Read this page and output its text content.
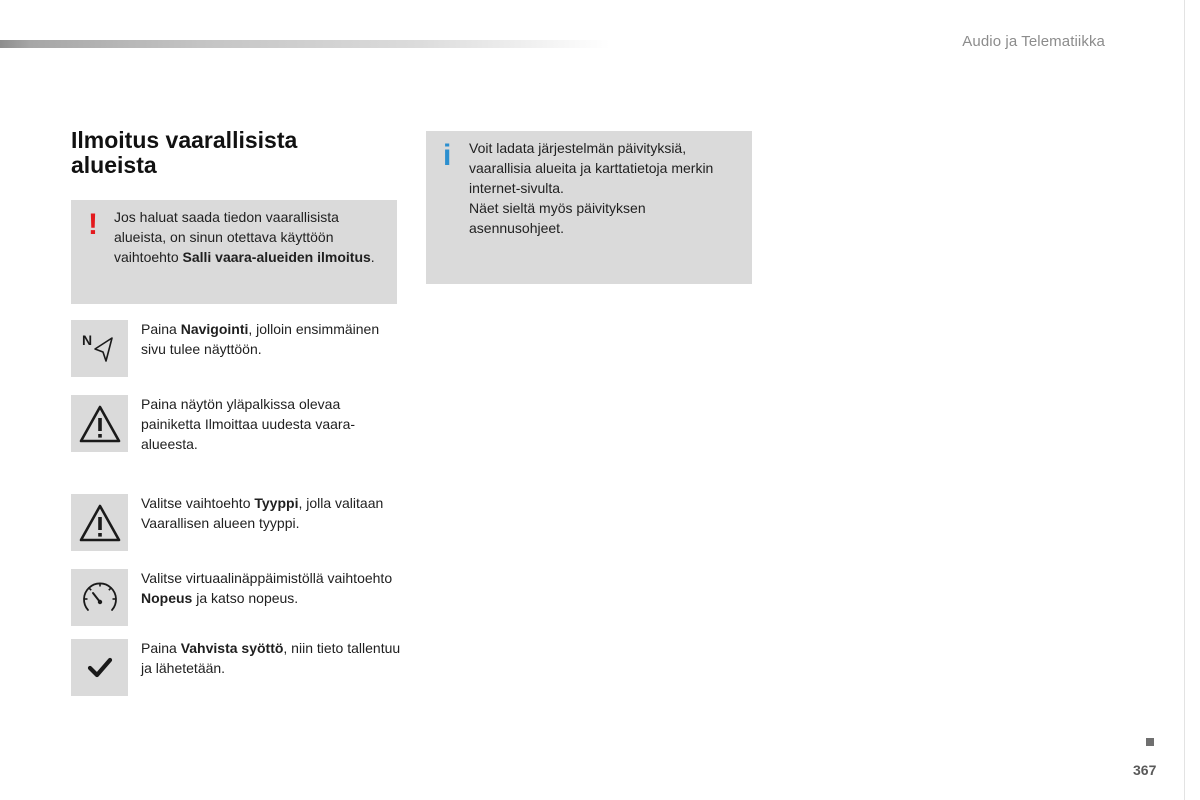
Audio ja Telematiikka
Ilmoitus vaarallisista
alueista
! Jos haluat saada tiedon vaarallisista alueista, on sinun otettava käyttöön vaihtoehto Salli vaara-alueiden ilmoitus.
i Voit ladata järjestelmän päivityksiä,
vaarallisia alueita ja karttatietoja merkin
internet-sivulta.
Näet sieltä myös päivityksen
asennusohjeet.
N
Paina Navigointi, jolloin ensimmäinen sivu tulee näyttöön.
Paina näytön yläpalkissa olevaa painiketta Ilmoittaa uudesta vaara-alueesta.
Valitse vaihtoehto Tyyppi, jolla valitaan Vaarallisen alueen tyyppi.
Valitse virtuaalinäppäimistöllä vaihtoehto Nopeus ja katso nopeus.
Paina Vahvista syöttö, niin tieto tallentuu ja lähetetään.
367
